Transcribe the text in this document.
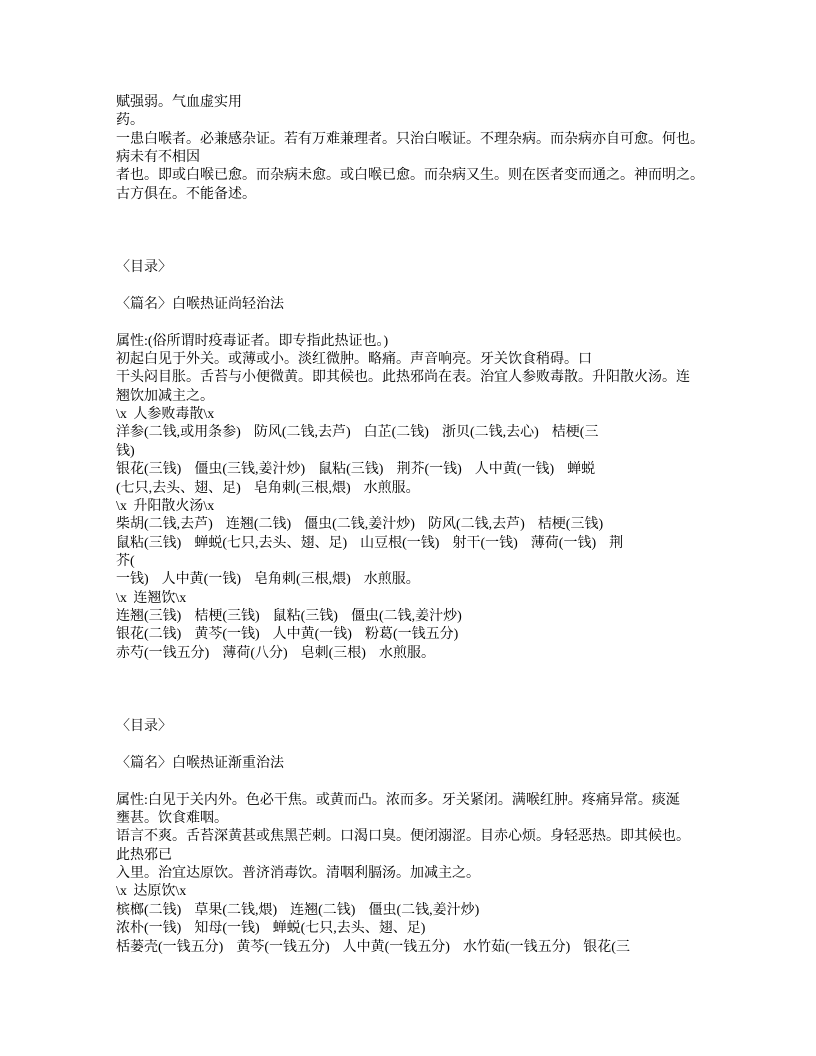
赋强弱。气血虚实用
药。
一患白喉者。必兼感杂证。若有万难兼理者。只治白喉证。不理杂病。而杂病亦自可愈。何也。
病未有不相因
者也。即或白喉已愈。而杂病未愈。或白喉已愈。而杂病又生。则在医者变而通之。神而明之。
古方俱在。不能备述。
〈目录〉
〈篇名〉白喉热证尚轻治法
属性:(俗所谓时疫毒证者。即专指此热证也。)
初起白见于外关。或薄或小。淡红微肿。略痛。声音响亮。牙关饮食稍碍。口
干头闷目胀。舌苔与小便微黄。即其候也。此热邪尚在表。治宜人参败毒散。升阳散火汤。连
翘饮加减主之。
\x 人参败毒散\x
洋参(二钱,或用条参)  防风(二钱,去芦)  白芷(二钱)  浙贝(二钱,去心)  桔梗(三
钱)
银花(三钱)  僵虫(三钱,姜汁炒)  鼠粘(三钱)  荆芥(一钱)  人中黄(一钱)  蝉蜕
(七只,去头、翅、足)  皂角刺(三根,煨)  水煎服。
\x 升阳散火汤\x
柴胡(二钱,去芦)  连翘(二钱)  僵虫(二钱,姜汁炒)  防风(二钱,去芦)  桔梗(三钱)
鼠粘(三钱)  蝉蜕(七只,去头、翅、足)  山豆根(一钱)  射干(一钱)  薄荷(一钱)  荆
芥(
一钱)  人中黄(一钱)  皂角刺(三根,煨)  水煎服。
\x 连翘饮\x
连翘(三钱)  桔梗(三钱)  鼠粘(三钱)  僵虫(二钱,姜汁炒)
银花(二钱)  黄芩(一钱)  人中黄(一钱)  粉葛(一钱五分)
赤芍(一钱五分)  薄荷(八分)  皂刺(三根)  水煎服。
〈目录〉
〈篇名〉白喉热证渐重治法
属性:白见于关内外。色必干焦。或黄而凸。浓而多。牙关紧闭。满喉红肿。疼痛异常。痰涎
壅甚。饮食难咽。
语言不爽。舌苔深黄甚或焦黑芒刺。口渴口臭。便闭溺涩。目赤心烦。身轻恶热。即其候也。
此热邪已
入里。治宜达原饮。普济消毒饮。清咽利膈汤。加减主之。
\x 达原饮\x
槟榔(二钱)  草果(二钱,煨)  连翘(二钱)  僵虫(二钱,姜汁炒)
浓朴(一钱)  知母(一钱)  蝉蜕(七只,去头、翅、足)
栝蒌壳(一钱五分)  黄芩(一钱五分)  人中黄(一钱五分)  水竹茹(一钱五分)  银花(三
